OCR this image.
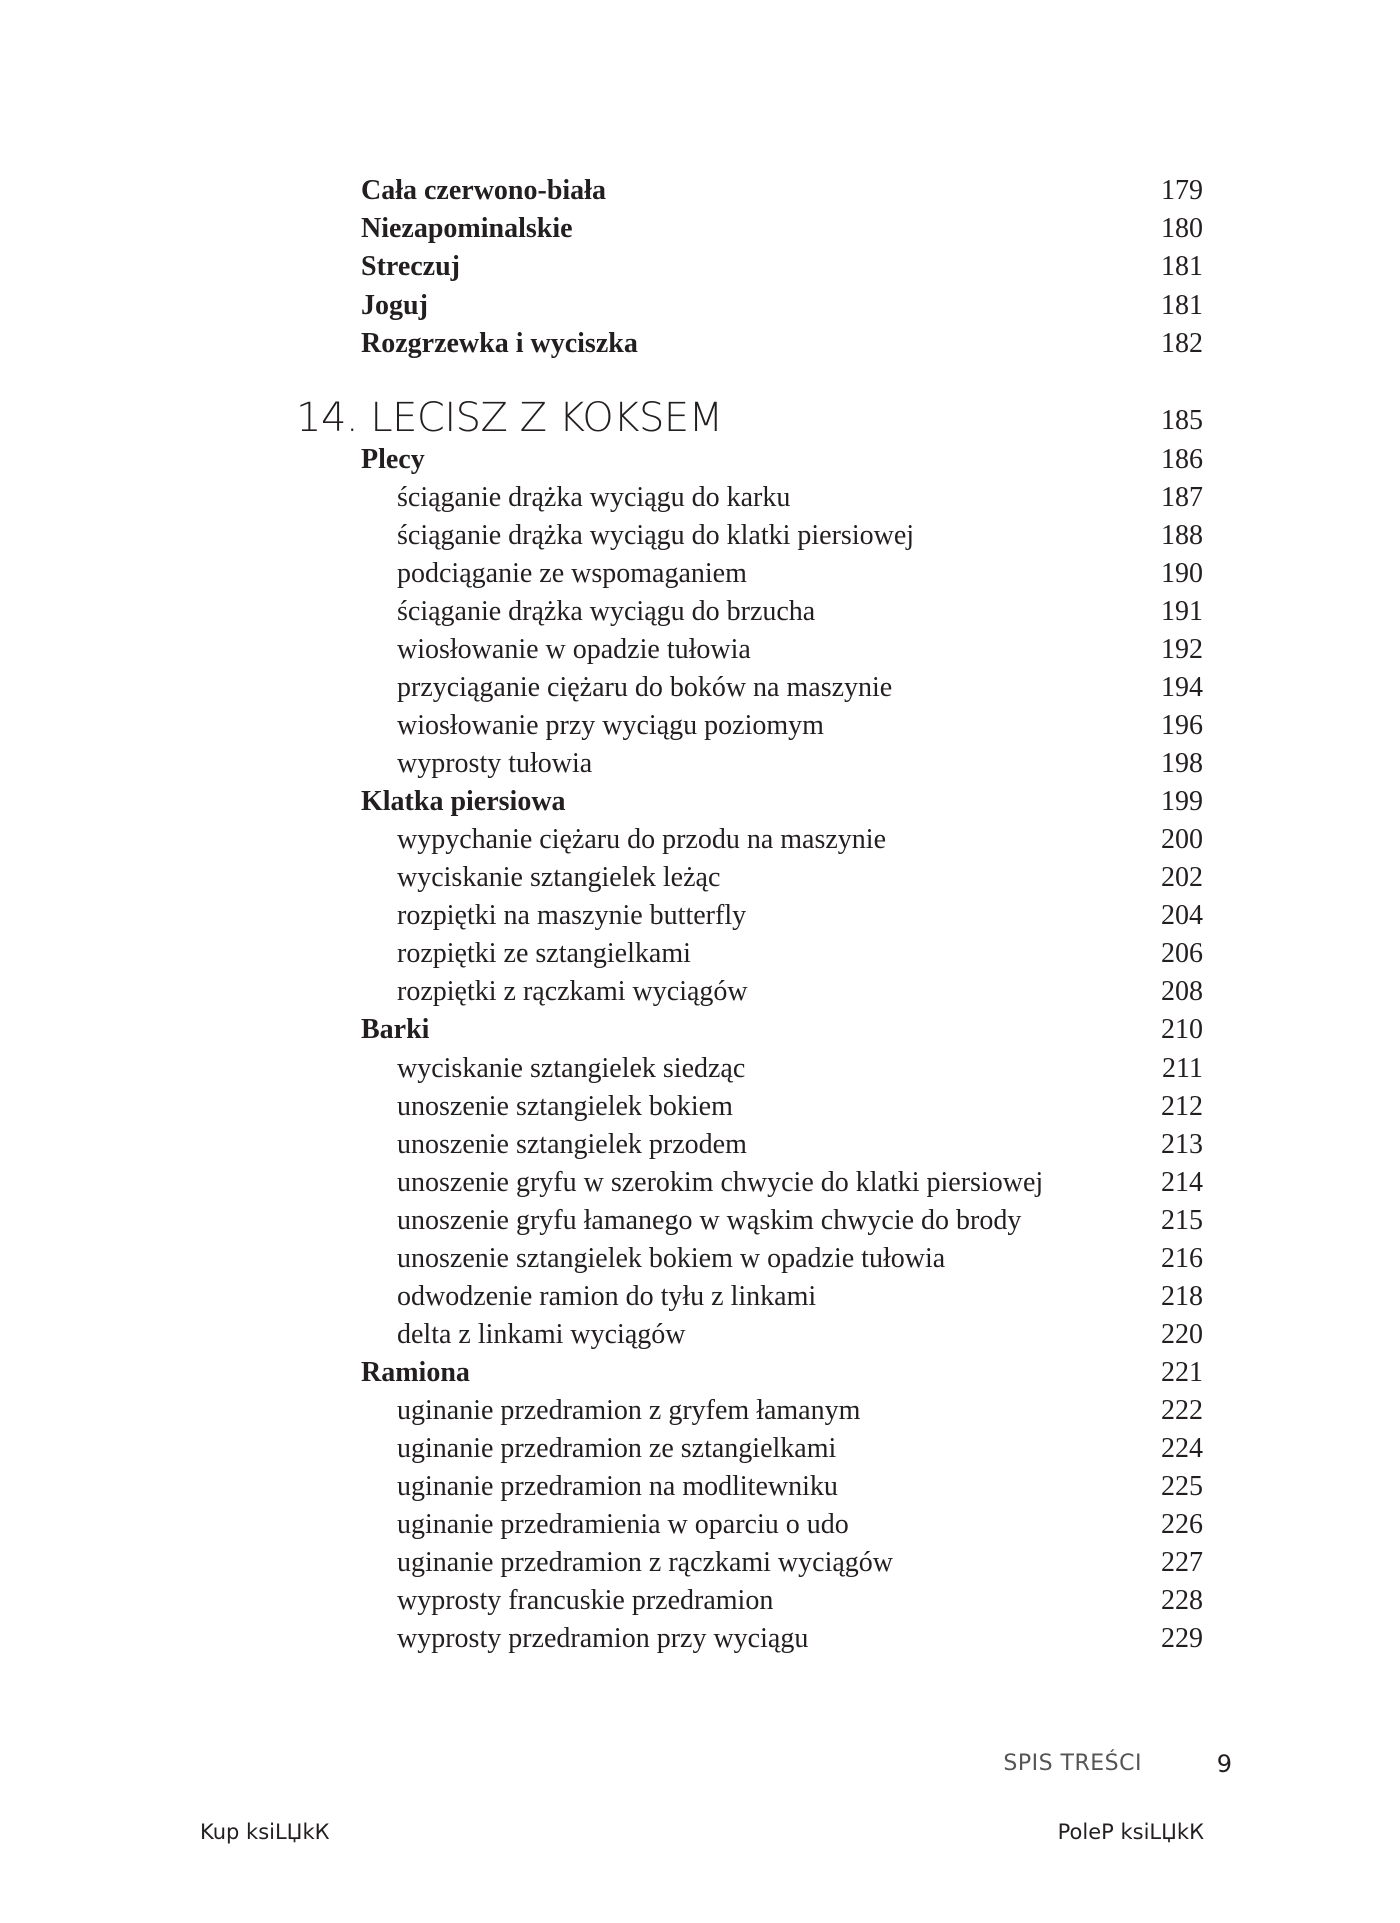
Cała czerwono-biała	179
Niezapominalskie	180
Streczuj	181
Joguj	181
Rozgrzewka i wyciszka	182
14. LECISZ Z KOKSEM	185
Plecy	186
ściąganie drążka wyciągu do karku	187
ściąganie drążka wyciągu do klatki piersiowej	188
podciąganie ze wspomaganiem	190
ściąganie drążka wyciągu do brzucha	191
wiosłowanie w opadzie tułowia	192
przyciąganie ciężaru do boków na maszynie	194
wiosłowanie przy wyciągu poziomym	196
wyprosty tułowia	198
Klatka piersiowa	199
wypychanie ciężaru do przodu na maszynie	200
wyciskanie sztangielek leżąc	202
rozpiętki na maszynie butterfly	204
rozpiętki ze sztangielkami	206
rozpiętki z rączkami wyciągów	208
Barki	210
wyciskanie sztangielek siedząc	211
unoszenie sztangielek bokiem	212
unoszenie sztangielek przodem	213
unoszenie gryfu w szerokim chwycie do klatki piersiowej	214
unoszenie gryfu łamanego w wąskim chwycie do brody	215
unoszenie sztangielek bokiem w opadzie tułowia	216
odwodzenie ramion do tyłu z linkami	218
delta z linkami wyciągów	220
Ramiona	221
uginanie przedramion z gryfem łamanym	222
uginanie przedramion ze sztangielkami	224
uginanie przedramion na modlitewniku	225
uginanie przedramienia w oparciu o udo	226
uginanie przedramion z rączkami wyciągów	227
wyprosty francuskie przedramion	228
wyprosty przedramion przy wyciągu	229
SPIS TREŚCI	9
Kup ksiLЏkК	PoleР ksiLЏkК
